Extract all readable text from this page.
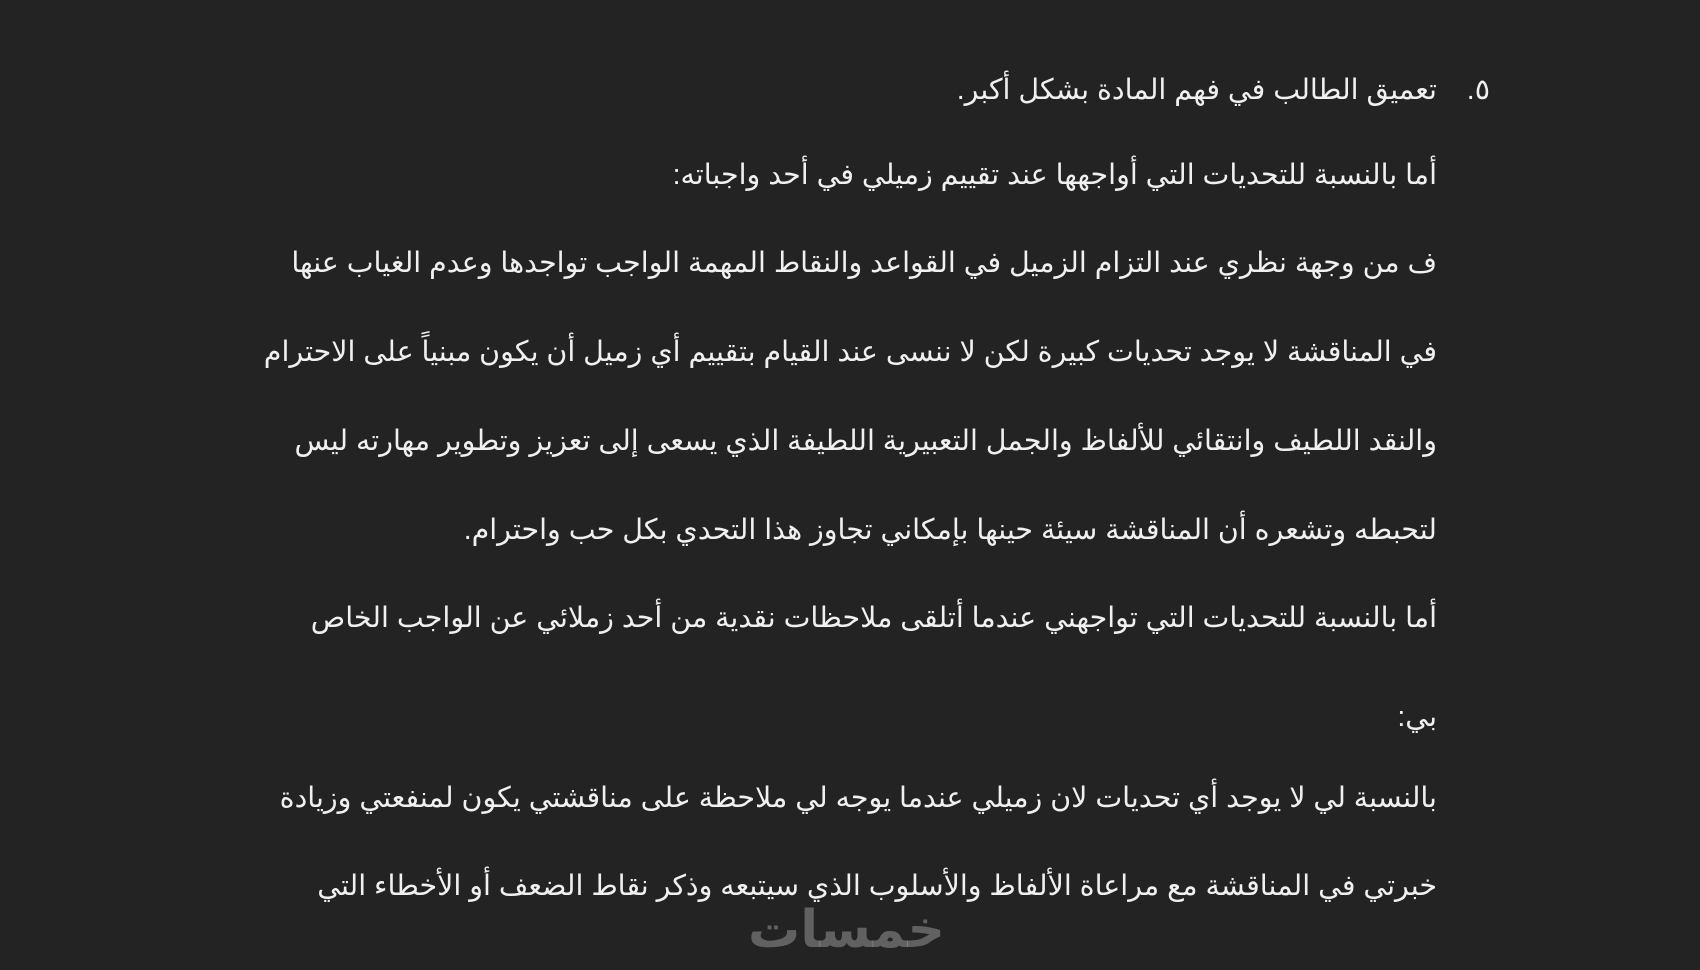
٥.
تعميق الطالب في فهم المادة بشكل أكبر.
أما بالنسبة للتحديات التي أواجهها عند تقييم زميلي في أحد واجباته:
ف من وجهة نظري عند التزام الزميل في القواعد والنقاط المهمة الواجب تواجدها وعدم الغياب عنها
في المناقشة لا يوجد تحديات كبيرة لكن لا ننسى عند القيام بتقييم أي زميل أن يكون مبنياً على الاحترام
والنقد اللطيف وانتقائي للألفاظ والجمل التعبيرية اللطيفة الذي يسعى إلى تعزيز وتطوير مهارته ليس
لتحبطه وتشعره أن المناقشة سيئة حينها بإمكاني تجاوز هذا التحدي بكل حب واحترام.
أما بالنسبة للتحديات التي تواجهني عندما أتلقى ملاحظات نقدية من أحد زملائي عن الواجب الخاص
بي:
بالنسبة لي لا يوجد أي تحديات لان زميلي عندما يوجه لي ملاحظة على مناقشتي يكون لمنفعتي وزيادة
خبرتي في المناقشة مع مراعاة الألفاظ والأسلوب الذي سيتبعه وذكر نقاط الضعف أو الأخطاء التي
خمسات
